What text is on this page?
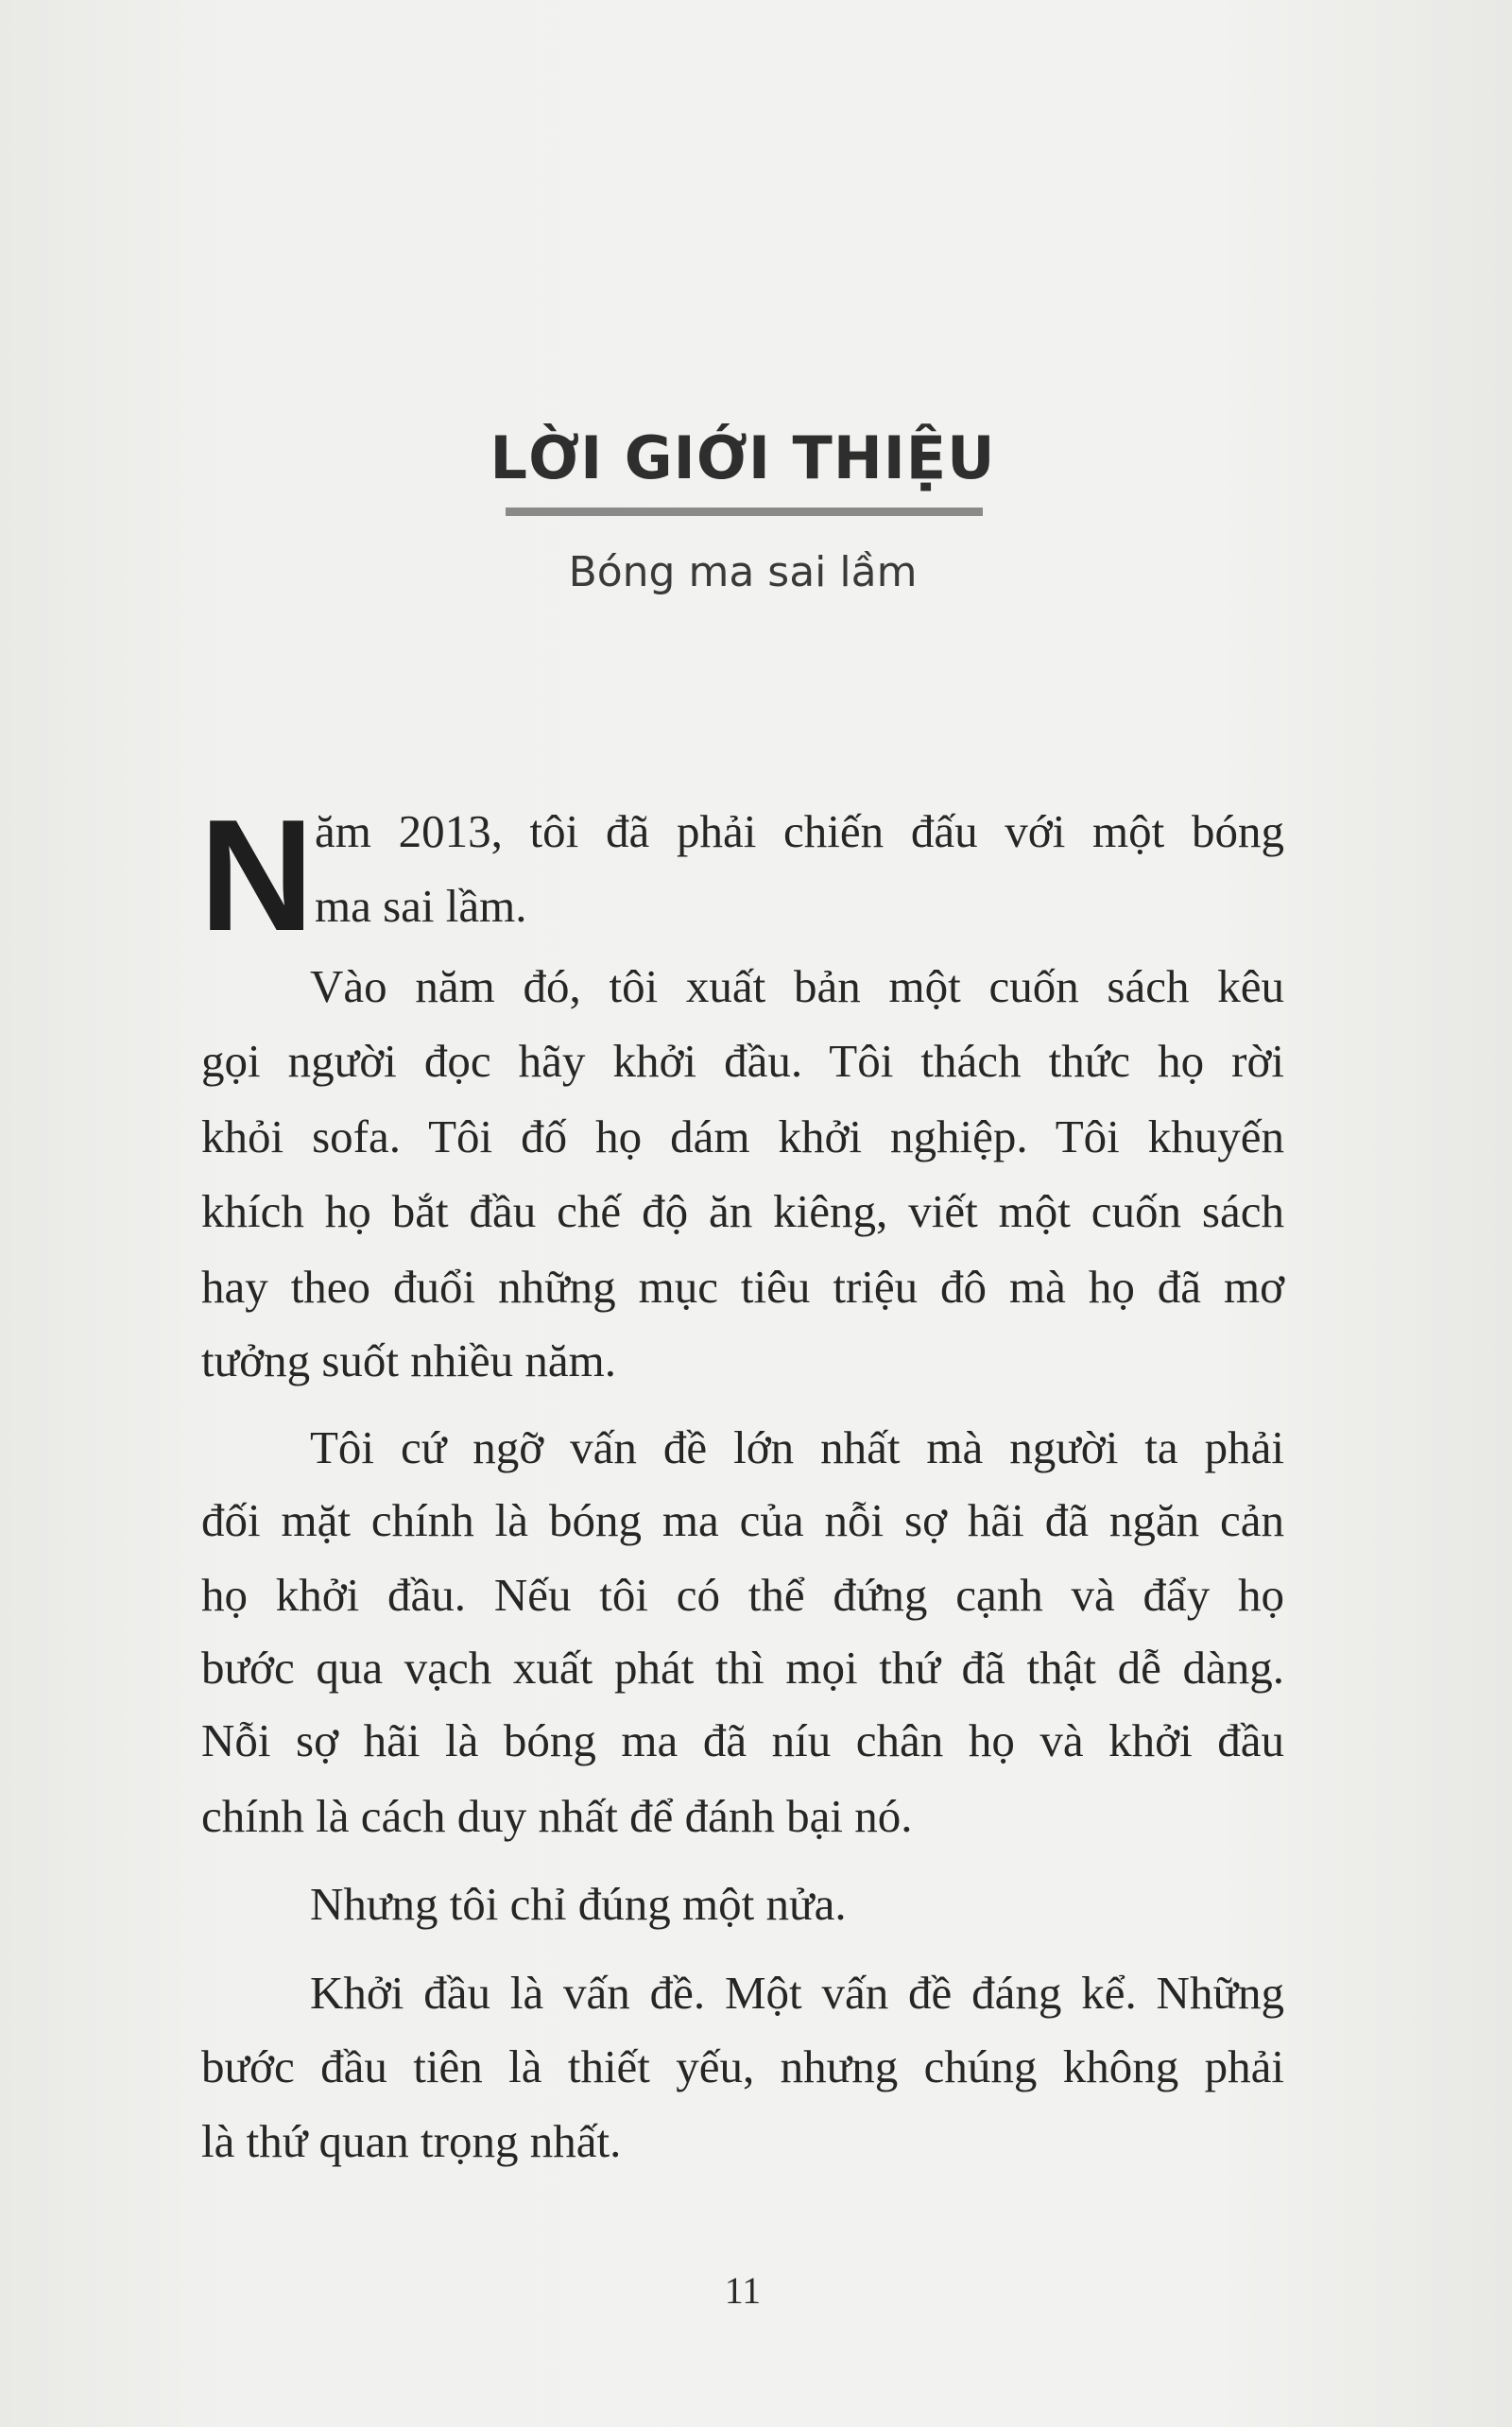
LỜI GIỚI THIỆU
Bóng ma sai lầm
N ăm 2013, tôi đã phải chiến đấu với một bóng
ma sai lầm.
Vào năm đó, tôi xuất bản một cuốn sách kêu
gọi người đọc hãy khởi đầu. Tôi thách thức họ rời
khỏi sofa. Tôi đố họ dám khởi nghiệp. Tôi khuyến
khích họ bắt đầu chế độ ăn kiêng, viết một cuốn sách
hay theo đuổi những mục tiêu triệu đô mà họ đã mơ
tưởng suốt nhiều năm.
Tôi cứ ngỡ vấn đề lớn nhất mà người ta phải
đối mặt chính là bóng ma của nỗi sợ hãi đã ngăn cản
họ khởi đầu. Nếu tôi có thể đứng cạnh và đẩy họ
bước qua vạch xuất phát thì mọi thứ đã thật dễ dàng.
Nỗi sợ hãi là bóng ma đã níu chân họ và khởi đầu
chính là cách duy nhất để đánh bại nó.
Nhưng tôi chỉ đúng một nửa.
Khởi đầu là vấn đề. Một vấn đề đáng kể. Những
bước đầu tiên là thiết yếu, nhưng chúng không phải
là thứ quan trọng nhất.
11
